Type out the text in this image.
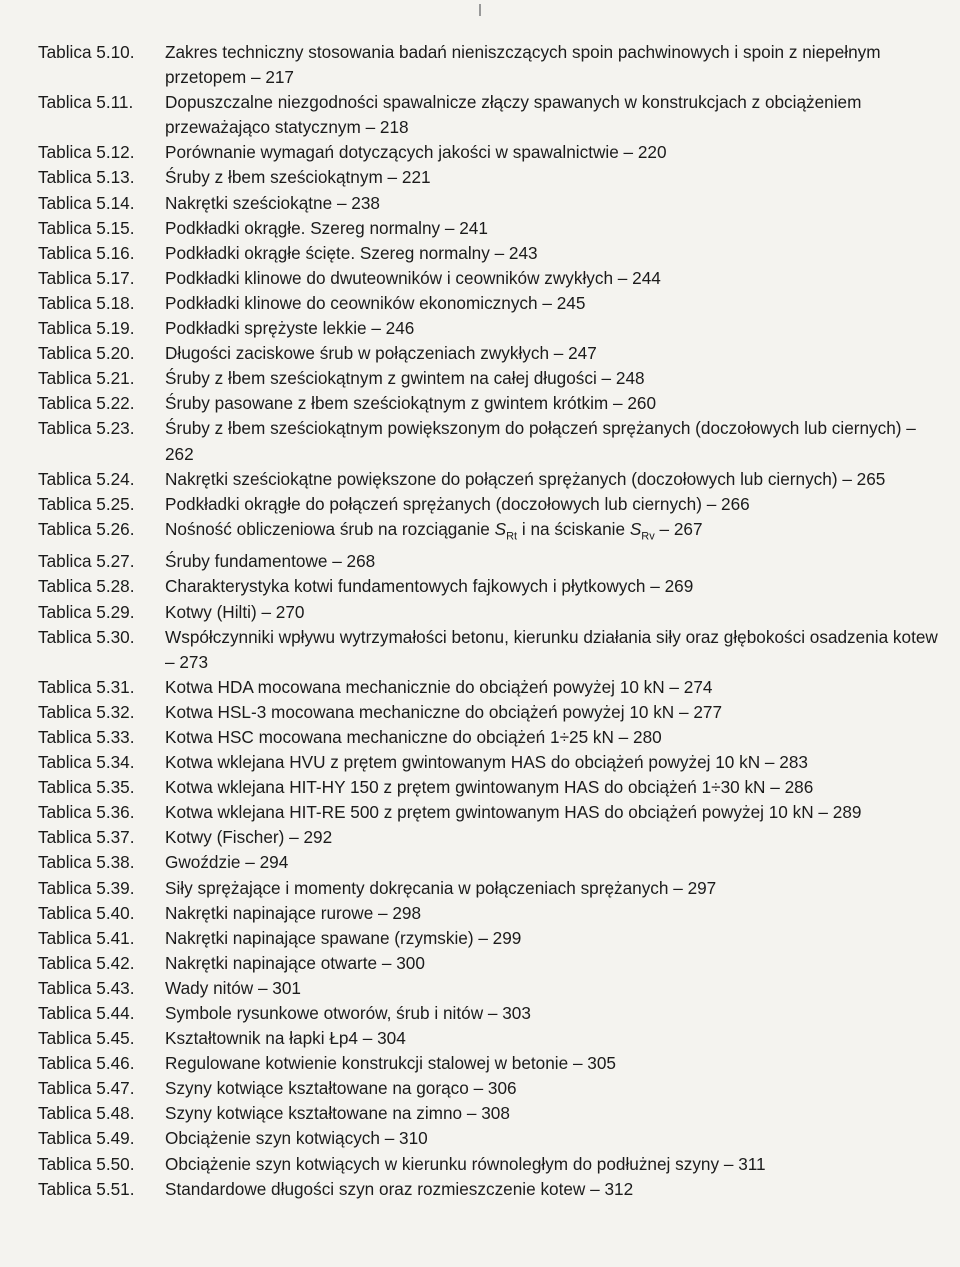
Tablica 5.10.	Zakres techniczny stosowania badań nieniszczących spoin pachwinowych i spoin z niepełnym przetopem – 217
Tablica 5.11.	Dopuszczalne niezgodności spawalnicze złączy spawanych w konstrukcjach z obciążeniem przeważająco statycznym – 218
Tablica 5.12.	Porównanie wymagań dotyczących jakości w spawalnictwie – 220
Tablica 5.13.	Śruby z łbem sześciokątnym – 221
Tablica 5.14.	Nakrętki sześciokątne – 238
Tablica 5.15.	Podkładki okrągłe. Szereg normalny – 241
Tablica 5.16.	Podkładki okrągłe ścięte. Szereg normalny – 243
Tablica 5.17.	Podkładki klinowe do dwuteowników i ceowników zwykłych – 244
Tablica 5.18.	Podkładki klinowe do ceowników ekonomicznych – 245
Tablica 5.19.	Podkładki sprężyste lekkie – 246
Tablica 5.20.	Długości zaciskowe śrub w połączeniach zwykłych – 247
Tablica 5.21.	Śruby z łbem sześciokątnym z gwintem na całej długości – 248
Tablica 5.22.	Śruby pasowane z łbem sześciokątnym z gwintem krótkim – 260
Tablica 5.23.	Śruby z łbem sześciokątnym powiększonym do połączeń sprężanych (doczołowych lub ciernych) – 262
Tablica 5.24.	Nakrętki sześciokątne powiększone do połączeń sprężanych (doczołowych lub ciernych) – 265
Tablica 5.25.	Podkładki okrągłe do połączeń sprężanych (doczołowych lub ciernych) – 266
Tablica 5.26.	Nośność obliczeniowa śrub na rozciąganie $S_{Rt}$ i na ściskanie $S_{Rv} - 267$
Tablica 5.27.	Śruby fundamentowe – 268
Tablica 5.28.	Charakterystyka kotwi fundamentowych fajkowych i płytkowych – 269
Tablica 5.29.	Kotwy (Hilti) – 270
Tablica 5.30.	Współczynniki wpływu wytrzymałości betonu, kierunku działania siły oraz głębokości osadzenia kotew – 273
Tablica 5.31.	Kotwa HDA mocowana mechanicznie do obciążeń powyżej 10 kN – 274
Tablica 5.32.	Kotwa HSL-3 mocowana mechaniczne do obciążeń powyżej 10 kN – 277
Tablica 5.33.	Kotwa HSC mocowana mechaniczne do obciążeń 1÷25 kN – 280
Tablica 5.34.	Kotwa wklejana HVU z prętem gwintowanym HAS do obciążeń powyżej 10 kN – 283
Tablica 5.35.	Kotwa wklejana HIT-HY 150 z prętem gwintowanym HAS do obciążeń 1÷30 kN – 286
Tablica 5.36.	Kotwa wklejana HIT-RE 500 z prętem gwintowanym HAS do obciążeń powyżej 10 kN – 289
Tablica 5.37.	Kotwy (Fischer) – 292
Tablica 5.38.	Gwoździe – 294
Tablica 5.39.	Siły sprężające i momenty dokręcania w połączeniach sprężanych – 297
Tablica 5.40.	Nakrętki napinające rurowe – 298
Tablica 5.41.	Nakrętki napinające spawane (rzymskie) – 299
Tablica 5.42.	Nakrętki napinające otwarte – 300
Tablica 5.43.	Wady nitów – 301
Tablica 5.44.	Symbole rysunkowe otworów, śrub i nitów – 303
Tablica 5.45.	Kształtownik na łapki Łp4 – 304
Tablica 5.46.	Regulowane kotwienie konstrukcji stalowej w betonie – 305
Tablica 5.47.	Szyny kotwiące kształtowane na gorąco – 306
Tablica 5.48.	Szyny kotwiące kształtowane na zimno – 308
Tablica 5.49.	Obciążenie szyn kotwiących – 310
Tablica 5.50.	Obciążenie szyn kotwiących w kierunku równoległym do podłużnej szyny – 311
Tablica 5.51.	Standardowe długości szyn oraz rozmieszczenie kotew – 312
